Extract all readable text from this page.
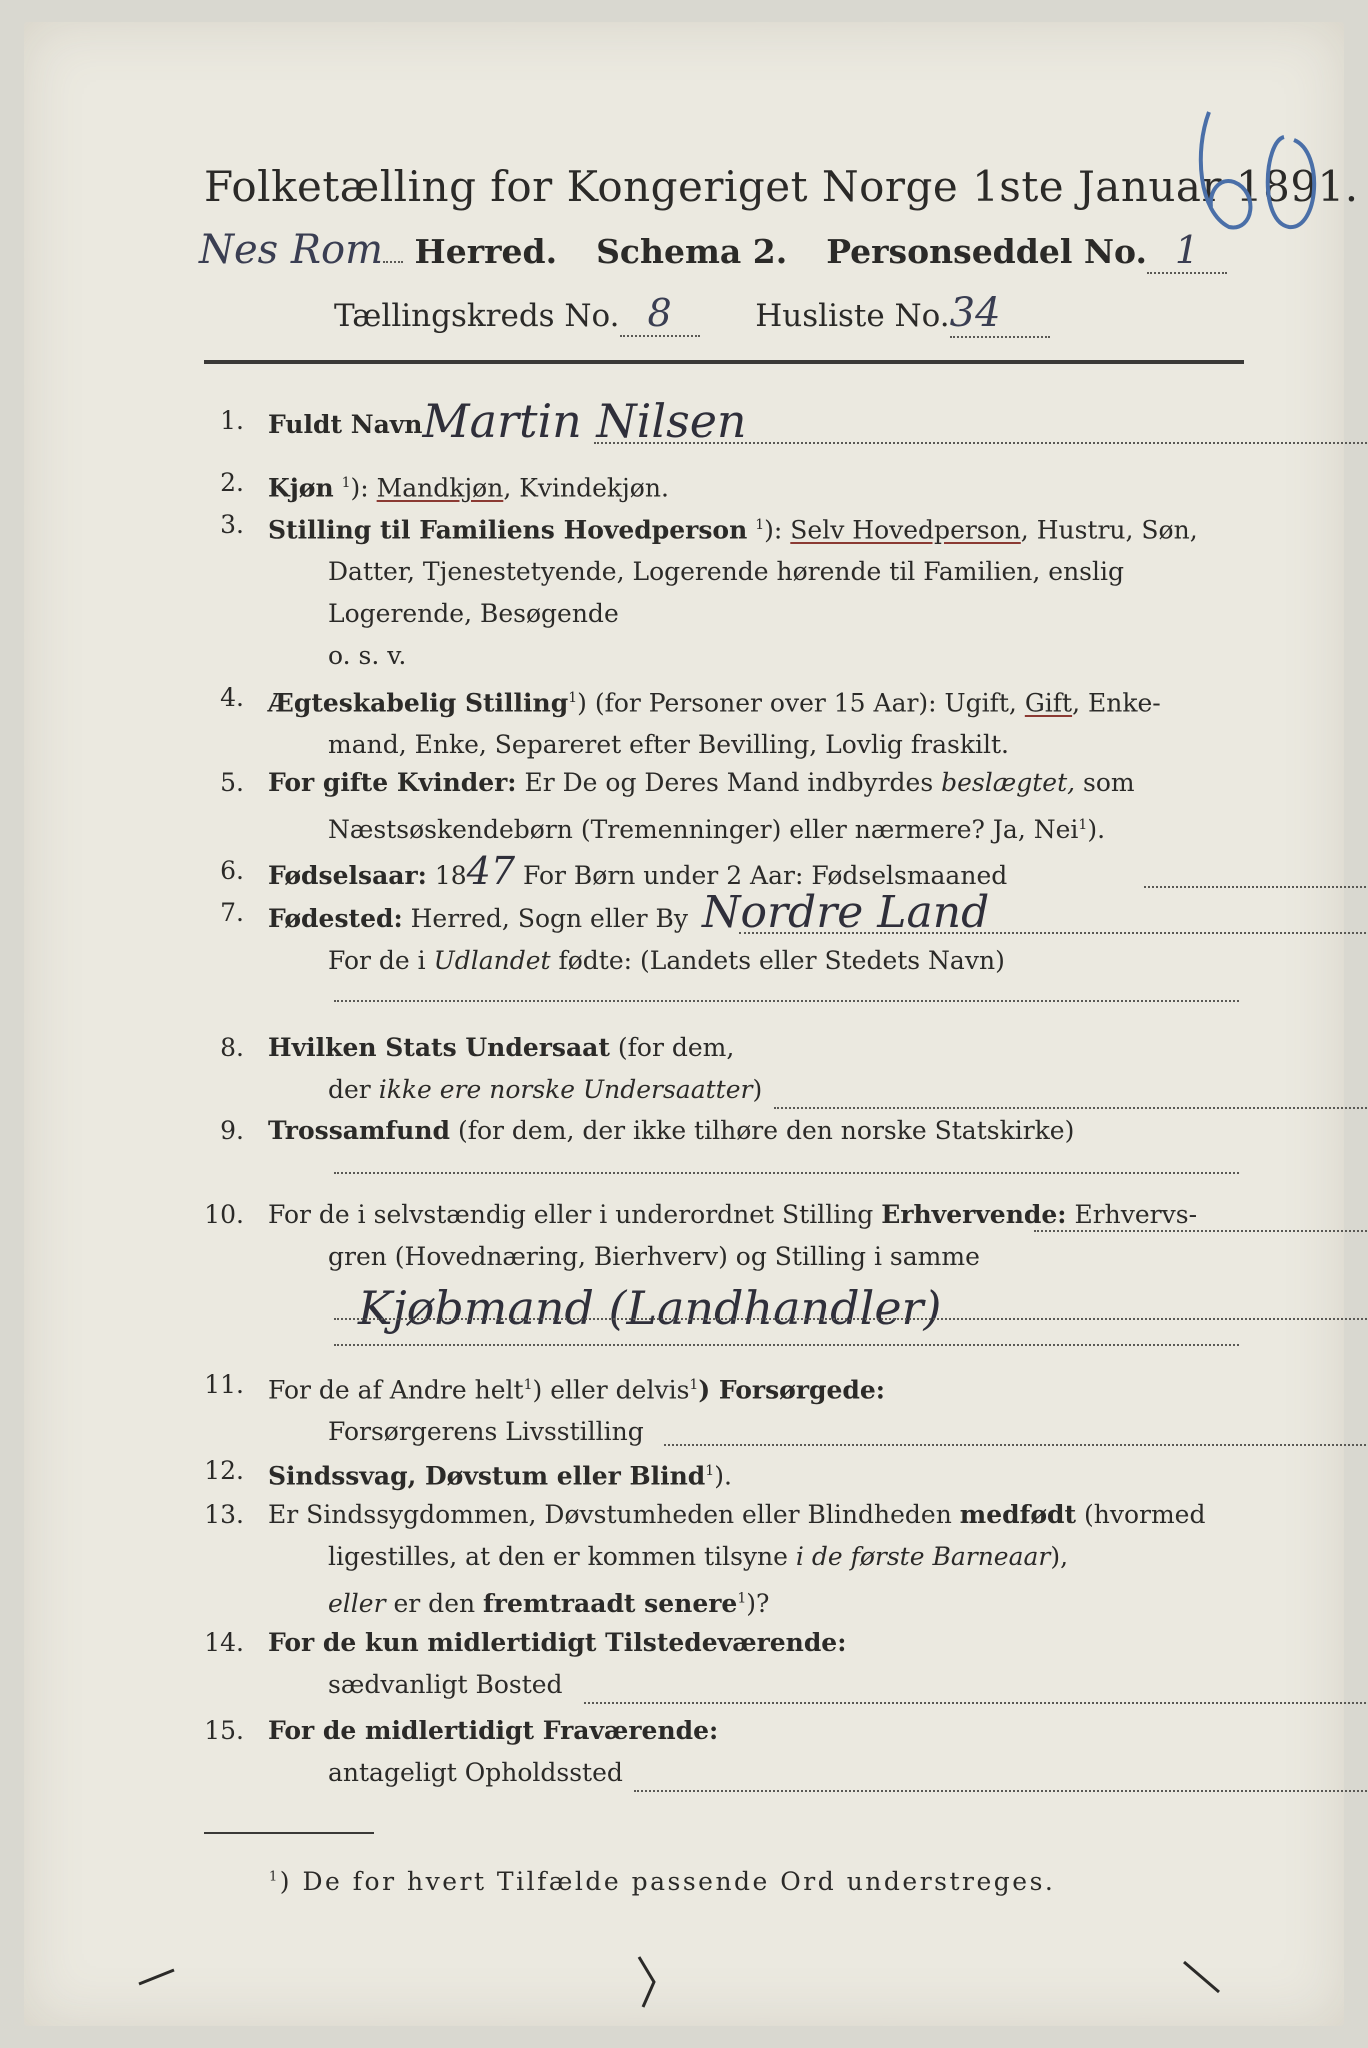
Folketælling for Kongeriget Norge 1ste Januar 1891.
Nes Rom Herred. Schema 2. Personseddel No. 1
Tællingskreds No. 8	Husliste No.34
1. Fuldt NavnMartin Nilsen
2. Kjøn $^1$): Mandkjøn, Kvindekjøn.
3. Stilling til Familiens Hovedperson $^1$): Selv Hovedperson, Hustru, Søn,
Datter, Tjenestetyende, Logerende hørende til Familien, enslig
Logerende, Besøgende
o. s. v.
4. Ægteskabelig Stilling$^1$) (for Personer over 15 Aar): Ugift, Gift, Enke-
mand, Enke, Separeret efter Bevilling, Lovlig fraskilt.
5. For gifte Kvinder: Er De og Deres Mand indbyrdes beslægtet, som
Næstsøskendebørn (Tremenninger) eller nærmere? Ja, Nei$^1$).
6. Fødselsaar: 1847 For Børn under 2 Aar: Fødselsmaaned
7. Fødested: Herred, Sogn eller By Nordre Land
For de i Udlandet fødte: (Landets eller Stedets Navn)
8. Hvilken Stats Undersaat (for dem,
der ikke ere norske Undersaatter)
9. Trossamfund (for dem, der ikke tilhøre den norske Statskirke)
10. For de i selvstændig eller i underordnet Stilling Erhvervende: Erhvervs-
gren (Hovednæring, Bierhverv) og Stilling i samme
Kjøbmand (Landhandler)
11. For de af Andre helt$^1$) eller delvis$^1$) Forsørgede:
Forsørgerens Livsstilling
12. Sindssvag, Døvstum eller Blind$^1$).
13. Er Sindssygdommen, Døvstumheden eller Blindheden medfødt (hvormed
ligestilles, at den er kommen tilsyne i de første Barneaar),
eller er den fremtraadt senere$^1$)?
14. For de kun midlertidigt Tilstedeværende:
sædvanligt Bosted
15. For de midlertidigt Fraværende:
antageligt Opholdssted
$^1$) De for hvert Tilfælde passende Ord understreges.
